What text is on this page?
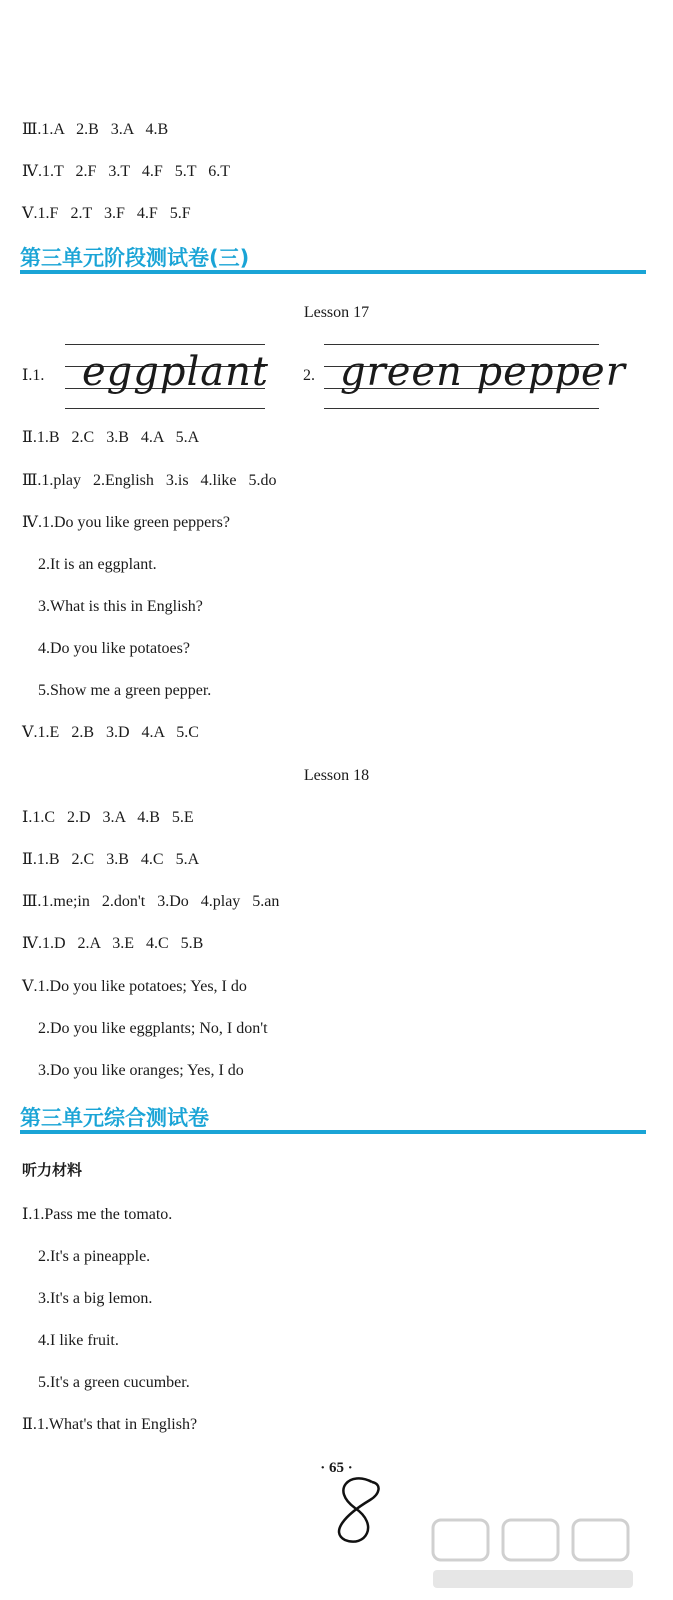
Ⅲ.1.A   2.B   3.A   4.B
Ⅳ.1.T   2.F   3.T   4.F   5.T   6.T
Ⅴ.1.F   2.T   3.F   4.F   5.F
第三单元阶段测试卷(三)
Lesson 17
Ⅰ.1. eggplant 2. green pepper
Ⅱ.1.B   2.C   3.B   4.A   5.A
Ⅲ.1.play   2.English   3.is   4.like   5.do
Ⅳ.1.Do you like green peppers?
2.It is an eggplant.
3.What is this in English?
4.Do you like potatoes?
5.Show me a green pepper.
Ⅴ.1.E   2.B   3.D   4.A   5.C
Lesson 18
Ⅰ.1.C   2.D   3.A   4.B   5.E
Ⅱ.1.B   2.C   3.B   4.C   5.A
Ⅲ.1.me;in   2.don't   3.Do   4.play   5.an
Ⅳ.1.D   2.A   3.E   4.C   5.B
Ⅴ.1.Do you like potatoes; Yes, I do
2.Do you like eggplants; No, I don't
3.Do you like oranges; Yes, I do
第三单元综合测试卷
听力材料
Ⅰ.1.Pass me the tomato.
2.It's a pineapple.
3.It's a big lemon.
4.I like fruit.
5.It's a green cucumber.
Ⅱ.1.What's that in English?
· 65 ·
